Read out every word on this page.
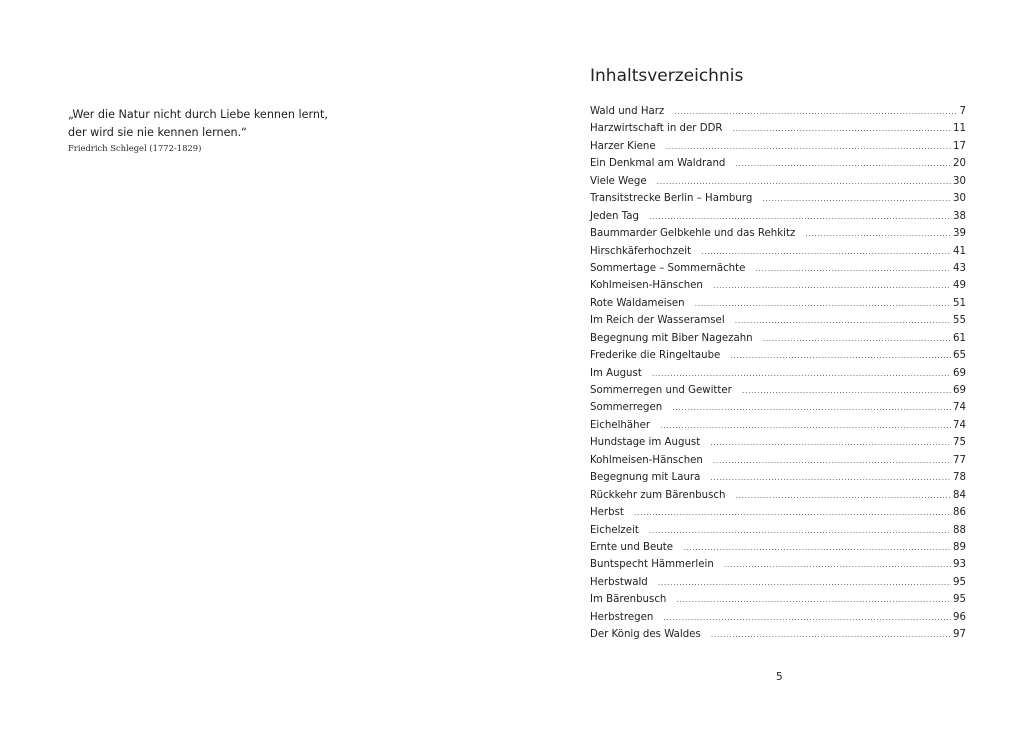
„Wer die Natur nicht durch Liebe kennen lernt,
der wird sie nie kennen lernen.“
Friedrich Schlegel (1772-1829)
Inhaltsverzeichnis
Wald und Harz .....	7
Harzwirtschaft in der DDR .....	11
Harzer Kiene .....	17
Ein Denkmal am Waldrand .....	20
Viele Wege .....	30
Transitstrecke Berlin – Hamburg .....	30
Jeden Tag .....	38
Baummarder Gelbkehle und das Rehkitz .....	39
Hirschkäferhochzeit .....	41
Sommertage – Sommernächte .....	43
Kohlmeisen-Hänschen .....	49
Rote Waldameisen .....	51
Im Reich der Wasseramsel .....	55
Begegnung mit Biber Nagezahn .....	61
Frederike die Ringeltaube .....	65
Im August .....	69
Sommerregen und Gewitter .....	69
Sommerregen .....	74
Eichelhäher .....	74
Hundstage im August .....	75
Kohlmeisen-Hänschen .....	77
Begegnung mit Laura .....	78
Rückkehr zum Bärenbusch .....	84
Herbst .....	86
Eichelzeit .....	88
Ernte und Beute .....	89
Buntspecht Hämmerlein .....	93
Herbstwald .....	95
Im Bärenbusch .....	95
Herbstregen .....	96
Der König des Waldes .....	97
5
